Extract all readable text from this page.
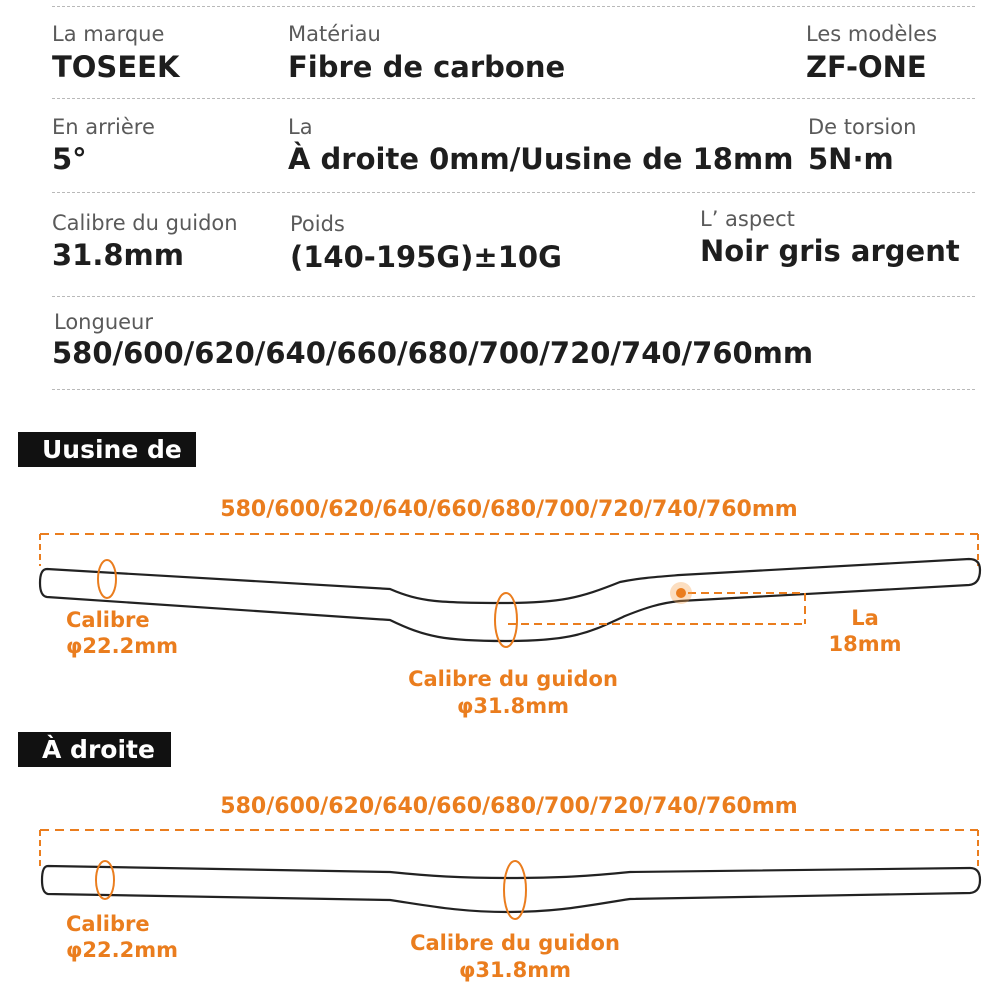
La marque
TOSEEK
Matériau
Fibre de carbone
Les modèles
ZF-ONE
En arrière
5°
La
À droite 0mm/Uusine de 18mm
De torsion
5N·m
Calibre du guidon
31.8mm
Poids
(140-195G)±10G
L’ aspect
Noir gris argent
Longueur
580/600/620/640/660/680/700/720/740/760mm
Uusine de
580/600/620/640/660/680/700/720/740/760mm
Calibre
φ22.2mm
La
18mm
Calibre du guidon
φ31.8mm
À droite
580/600/620/640/660/680/700/720/740/760mm
Calibre
φ22.2mm	Calibre du guidon
φ31.8mm
